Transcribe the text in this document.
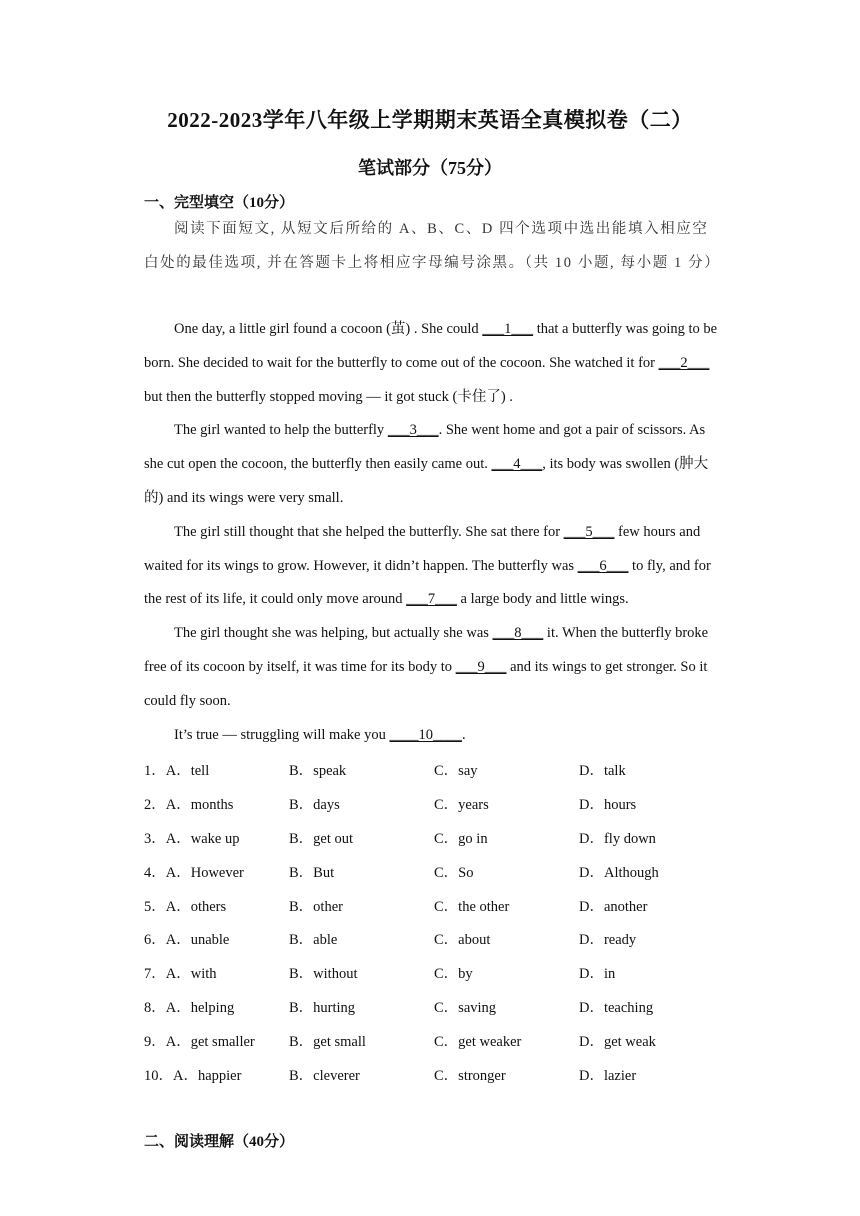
2022-2023学年八年级上学期期末英语全真模拟卷（二）
笔试部分（75分）
一、完型填空（10分）
阅读下面短文, 从短文后所给的 A、B、C、D 四个选项中选出能填入相应空白处的最佳选项, 并在答题卡上将相应字母编号涂黑。（共 10 小题, 每小题 1 分）

One day, a little girl found a cocoon (茧) . She could ___1___ that a butterfly was going to be born. She decided to wait for the butterfly to come out of the cocoon. She watched it for ___2___ but then the butterfly stopped moving — it got stuck (卡住了) .

The girl wanted to help the butterfly ___3___. She went home and got a pair of scissors. As she cut open the cocoon, the butterfly then easily came out. ___4___, its body was swollen (肿大的) and its wings were very small.

The girl still thought that she helped the butterfly. She sat there for ___5___ few hours and waited for its wings to grow. However, it didn’t happen. The butterfly was ___6___ to fly, and for the rest of its life, it could only move around ___7___ a large body and little wings.

The girl thought she was helping, but actually she was ___8___ it. When the butterfly broke free of its cocoon by itself, it was time for its body to ___9___ and its wings to get stronger. So it could fly soon.

It’s true — struggling will make you ____10____.

1．A．tell	B．speak	C．say	D．talk
2．A．months	B．days	C．years	D．hours
3．A．wake up	B．get out	C．go in	D．fly down
4．A．However	B．But	C．So	D．Although
5．A．others	B．other	C．the other	D．another
6．A．unable	B．able	C．about	D．ready
7．A．with	B．without	C．by	D．in
8．A．helping	B．hurting	C．saving	D．teaching
9．A．get smaller	B．get small	C．get weaker	D．get weak
10．A．happier	B．cleverer	C．stronger	D．lazier
二、阅读理解（40分）
